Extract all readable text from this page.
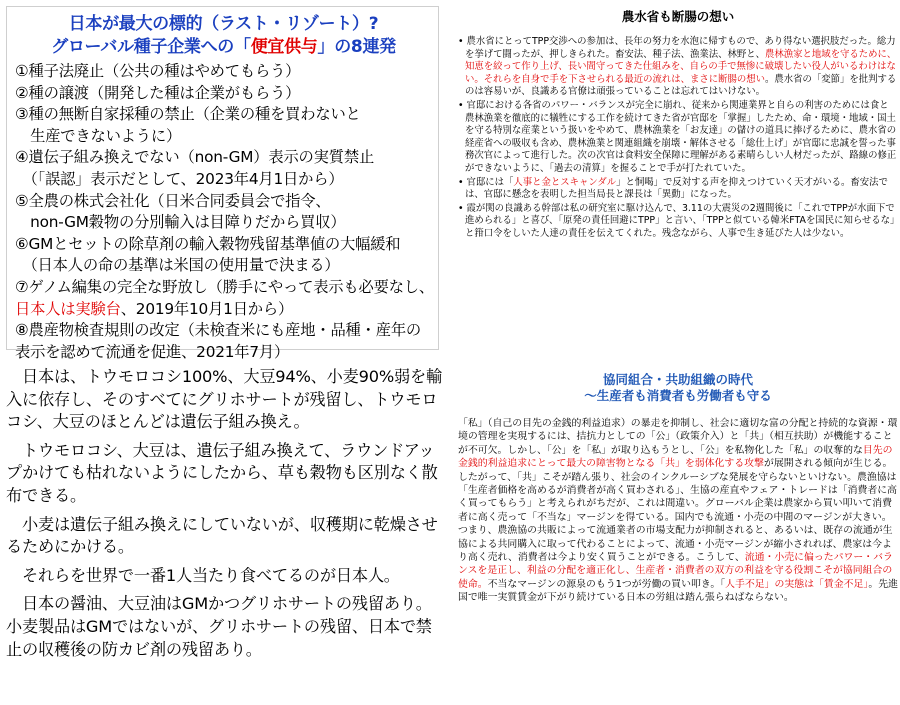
日本が最大の標的（ラスト・リゾート）?
グローバル種子企業への「便宜供与」の8連発
①種子法廃止（公共の種はやめてもらう）
②種の譲渡（開発した種は企業がもらう）
③種の無断自家採種の禁止（企業の種を買わないと
　生産できないように）
④遺伝子組み換えでない（non-GM）表示の実質禁止
　（「誤認」表示だとして、2023年4月1日から）
⑤全農の株式会社化（日米合同委員会で指令、
　non-GM穀物の分別輸入は目障りだから買収）
⑥GMとセットの除草剤の輸入穀物残留基準値の大幅緩和
　（日本人の命の基準は米国の使用量で決まる）
⑦ゲノム編集の完全な野放し（勝手にやって表示も必要なし、
日本人は実験台、2019年10月1日から）
⑧農産物検査規則の改定（未検査米にも産地・品種・産年の
表示を認めて流通を促進、2021年7月）
農水省も断腸の想い

• 農水省にとってTPP交渉への参加は、長年の努力を水泡に帰すもので、あり得ない選択肢だった。総力を挙げて闘ったが、押しきられた。畜安法、種子法、漁業法、林野と、農林漁家と地域を守るために、知恵を絞って作り上げ、長い間守ってきた仕組みを、自らの手で無惨に破壊したい役人がいるわけはない。それらを自身で手を下させられる最近の流れは、まさに断腸の想い。農水省の「変節」を批判するのは容易いが、良識ある官僚は頑張っていることは忘れてはいけない。

• 官邸における各省のパワー・バランスが完全に崩れ、従来から関連業界と自らの利害のためには食と農林漁業を徹底的に犠牲にする工作を続けてきた省が官邸を「掌握」したため、命・環境・地域・国土を守る特別な産業という扱いをやめて、農林漁業を「お友達」の儲けの道具に捧げるために、農水省の経産省への吸収も含め、農林漁業と関連組織を崩壊・解体させる「総仕上げ」が官邸に忠誠を誓った事務次官によって進行した。次の次官は食料安全保障に理解がある素晴らしい人材だったが、路線の修正ができないように、「過去の清算」を握ることで手が打たれていた。

• 官邸には「人事と金とスキャンダル」と恫喝」で反対する声を抑えつけていく天才がいる。畜安法では、官邸に懸念を表明した担当局長と課長は「異動」になった。

• 霞が関の良識ある幹部は私の研究室に駆け込んで、3.11の大震災の2週間後に「これでTPPが水面下で進められる」と喜び、「原発の責任回避にTPP」と言い、「TPPと似ている韓米FTAを国民に知らせるな」と箝口令をしいた人達の責任を伝えてくれた。残念ながら、人事で生き延びた人は少ない。

　日本は、トウモロコシ100%、大豆94%、小麦90%弱を輸入に依存し、そのすべてにグリホサートが残留し、トウモロコシ、大豆のほとんどは遺伝子組み換え。

　トウモロコシ、大豆は、遺伝子組み換えて、ラウンドアップかけても枯れないようにしたから、草も穀物も区別なく散布できる。

　小麦は遺伝子組み換えにしていないが、収穫期に乾燥させるためにかける。

　それらを世界で一番1人当たり食べてるのが日本人。

　日本の醤油、大豆油はGMかつグリホサートの残留あり。小麦製品はGMではないが、グリホサートの残留、日本で禁止の収穫後の防カビ剤の残留あり。

協同組合・共助組織の時代
～生産者も消費者も労働者も守る
「私」（自己の目先の金銭的利益追求）の暴走を抑制し、社会に適切な富の分配と持続的な資源・環境の管理を実現するには、拮抗力としての「公」（政策介入）と「共」（相互扶助）が機能することが不可欠。しかし、「公」を「私」が取り込もうとし、「公」を私物化した「私」の収奪的な目先の金銭的利益追求にとって最大の障害物となる「共」を弱体化する攻撃が展開される傾向が生じる。したがって、「共」こそが踏ん張り、社会のインクルーシブな発展を守らないといけない。農漁協は「生産者価格を高めるが消費者が高く買わされる」、生協の産直やフェア・トレードは「消費者に高く買ってもらう」と考えられがちだが、これは間違い。グローバル企業は農家から買い叩いて消費者に高く売って「不当な」マージンを得ている。国内でも流通・小売の中間のマージンが大きい。つまり、農漁協の共販によって流通業者の市場支配力が抑制されると、あるいは、既存の流通が生協による共同購入に取って代わることによって、流通・小売マージンが縮小されれば、農家は今より高く売れ、消費者は今より安く買うことができる。こうして、流通・小売に偏ったパワー・バランスを是正し、利益の分配を適正化し、生産者・消費者の双方の利益を守る役割こそが協同組合の使命。不当なマージンの源泉のもう1つが労働の買い叩き。「人手不足」の実態は「賃金不足」。先進国で唯一実質賃金が下がり続けている日本の労組は踏ん張らねばならない。
